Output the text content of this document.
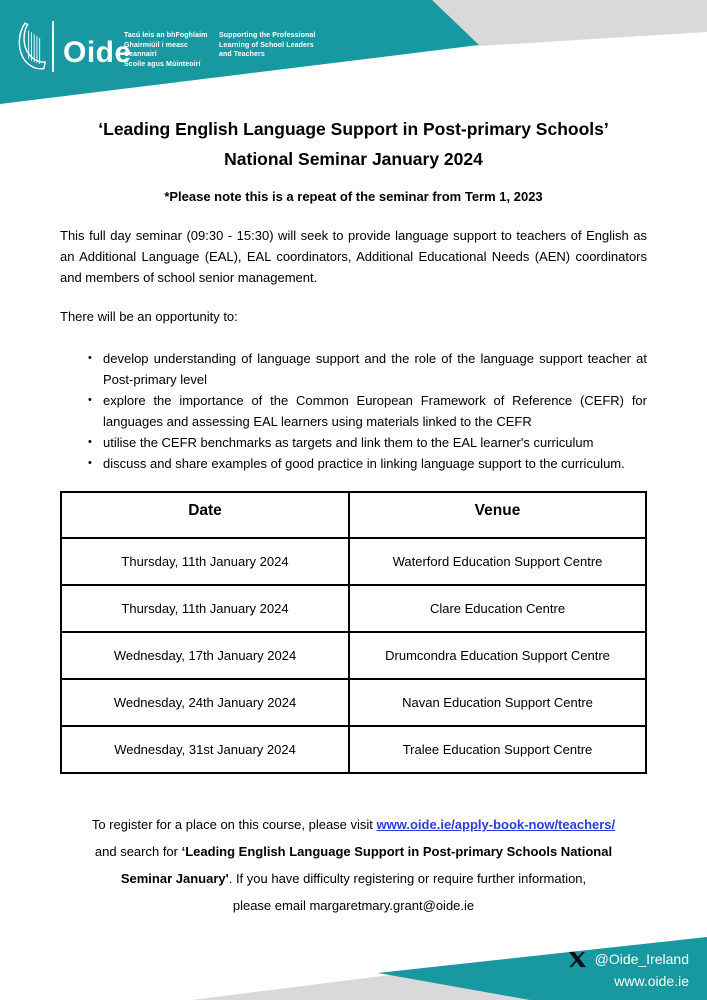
Oide
Tacú leis an bhFoghlaim
Ghairmiúil i measc Ceannairí
Scoile agus Múinteoirí
Supporting the Professional
Learning of School Leaders
and Teachers
‘Leading English Language Support in Post-primary Schools’
National Seminar January 2024
*Please note this is a repeat of the seminar from Term 1, 2023
This full day seminar (09:30 - 15:30) will seek to provide language support to teachers of English as an Additional Language (EAL), EAL coordinators, Additional Educational Needs (AEN) coordinators and members of school senior management.
There will be an opportunity to:
• develop understanding of language support and the role of the language support teacher at Post-primary level
• explore the importance of the Common European Framework of Reference (CEFR) for languages and assessing EAL learners using materials linked to the CEFR
• utilise the CEFR benchmarks as targets and link them to the EAL learner's curriculum
• discuss and share examples of good practice in linking language support to the curriculum.
Date	Venue
Thursday, 11th January 2024	Waterford Education Support Centre
Thursday, 11th January 2024	Clare Education Centre
Wednesday, 17th January 2024	Drumcondra Education Support Centre
Wednesday, 24th January 2024	Navan Education Support Centre
Wednesday, 31st January 2024	Tralee Education Support Centre
To register for a place on this course, please visit www.oide.ie/apply-book-now/teachers/
and search for ‘Leading English Language Support in Post-primary Schools National
Seminar January'. If you have difficulty registering or require further information,
please email margaretmary.grant@oide.ie
@Oide_Ireland
www.oide.ie
